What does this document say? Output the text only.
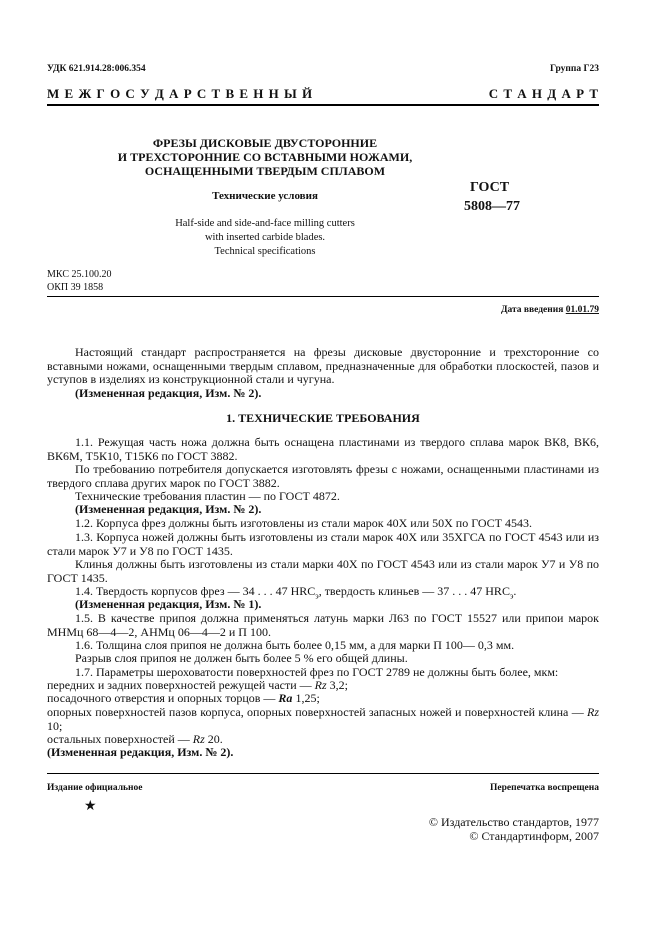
УДК 621.914.28:006.354	Группа Г23
М Е Ж Г О С У Д А Р С Т В Е Н Н Ы Й	С Т А Н Д А Р Т
ФРЕЗЫ ДИСКОВЫЕ ДВУСТОРОННИЕ
И ТРЕХСТОРОННИЕ СО ВСТАВНЫМИ НОЖАМИ,
ОСНАЩЕННЫМИ ТВЕРДЫМ СПЛАВОМ
Технические условия
Half-side and side-and-face milling cutters
with inserted carbide blades.
Technical specifications
ГОСТ
5808—77
МКС 25.100.20
ОКП 39 1858
Дата введения 01.01.79
Настоящий стандарт распространяется на фрезы дисковые двусторонние и трехсторонние со вставными ножами, оснащенными твердым сплавом, предназначенные для обработки плоскостей, пазов и уступов в изделиях из конструкционной стали и чугуна.
(Измененная редакция, Изм. № 2).
1. ТЕХНИЧЕСКИЕ ТРЕБОВАНИЯ
1.1. Режущая часть ножа должна быть оснащена пластинами из твердого сплава марок ВК8, ВК6, ВК6М, Т5К10, Т15К6 по ГОСТ 3882.
По требованию потребителя допускается изготовлять фрезы с ножами, оснащенными пластинами из твердого сплава других марок по ГОСТ 3882.
Технические требования пластин — по ГОСТ 4872.
(Измененная редакция, Изм. № 2).
1.2. Корпуса фрез должны быть изготовлены из стали марок 40Х или 50Х по ГОСТ 4543.
1.3. Корпуса ножей должны быть изготовлены из стали марок 40Х или 35ХГСА по ГОСТ 4543 или из стали марок У7 и У8 по ГОСТ 1435.
Клинья должны быть изготовлены из стали марки 40Х по ГОСТ 4543 или из стали марок У7 и У8 по ГОСТ 1435.
1.4. Твердость корпусов фрез — 34 . . . 47 $HRC_э$, твердость клиньев — 37 . . . 47 $HRC_э$.
(Измененная редакция, Изм. № 1).
1.5. В качестве припоя должна применяться латунь марки Л63 по ГОСТ 15527 или припои марок МНМц 68—4—2, АНМц 06—4—2 и П 100.
1.6. Толщина слоя припоя не должна быть более 0,15 мм, а для марки П 100— 0,3 мм.
Разрыв слоя припоя не должен быть более 5 % его общей длины.
1.7. Параметры шероховатости поверхностей фрез по ГОСТ 2789 не должны быть более, мкм:
передних и задних поверхностей режущей части — Rz 3,2;
посадочного отверстия и опорных торцов — Ra 1,25;
опорных поверхностей пазов корпуса, опорных поверхностей запасных ножей и поверхностей клина — Rz 10;
остальных поверхностей — Rz 20.
(Измененная редакция, Изм. № 2).
Издание официальное	Перепечатка воспрещена
★
© Издательство стандартов, 1977
© Стандартинформ, 2007
